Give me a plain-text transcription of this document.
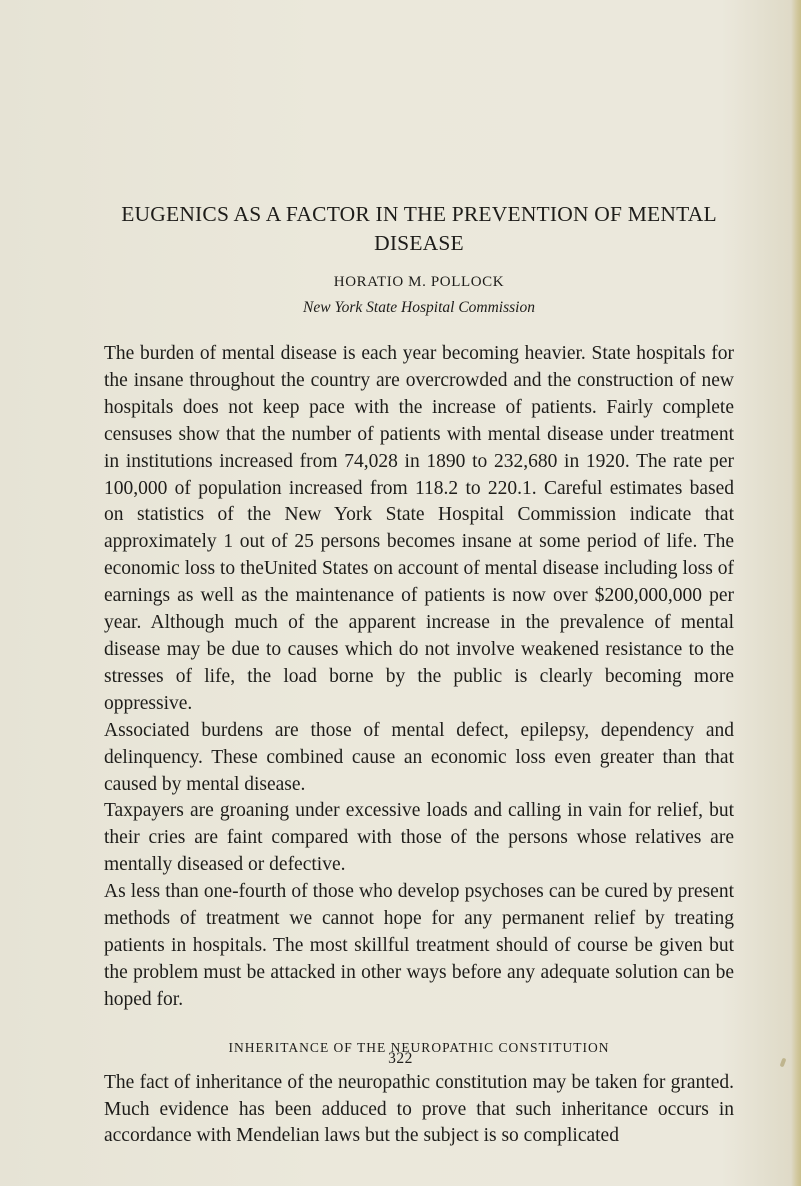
EUGENICS AS A FACTOR IN THE PREVENTION OF MENTAL DISEASE
HORATIO M. POLLOCK
New York State Hospital Commission

The burden of mental disease is each year becoming heavier. State hospitals for the insane throughout the country are overcrowded and the construction of new hospitals does not keep pace with the increase of patients. Fairly complete censuses show that the number of patients with mental disease under treatment in institutions increased from 74,028 in 1890 to 232,680 in 1920. The rate per 100,000 of population increased from 118.2 to 220.1. Careful estimates based on statistics of the New York State Hospital Commission indicate that approximately 1 out of 25 persons becomes insane at some period of life. The economic loss to theUnited States on account of mental disease including loss of earnings as well as the maintenance of patients is now over $200,000,000 per year. Although much of the apparent increase in the prevalence of mental disease may be due to causes which do not involve weakened resistance to the stresses of life, the load borne by the public is clearly becoming more oppressive.

Associated burdens are those of mental defect, epilepsy, dependency and delinquency. These combined cause an economic loss even greater than that caused by mental disease.

Taxpayers are groaning under excessive loads and calling in vain for relief, but their cries are faint compared with those of the persons whose relatives are mentally diseased or defective.

As less than one-fourth of those who develop psychoses can be cured by present methods of treatment we cannot hope for any permanent relief by treating patients in hospitals. The most skillful treatment should of course be given but the problem must be attacked in other ways before any adequate solution can be hoped for.

INHERITANCE OF THE NEUROPATHIC CONSTITUTION

The fact of inheritance of the neuropathic constitution may be taken for granted. Much evidence has been adduced to prove that such inheritance occurs in accordance with Mendelian laws but the subject is so complicated

322
